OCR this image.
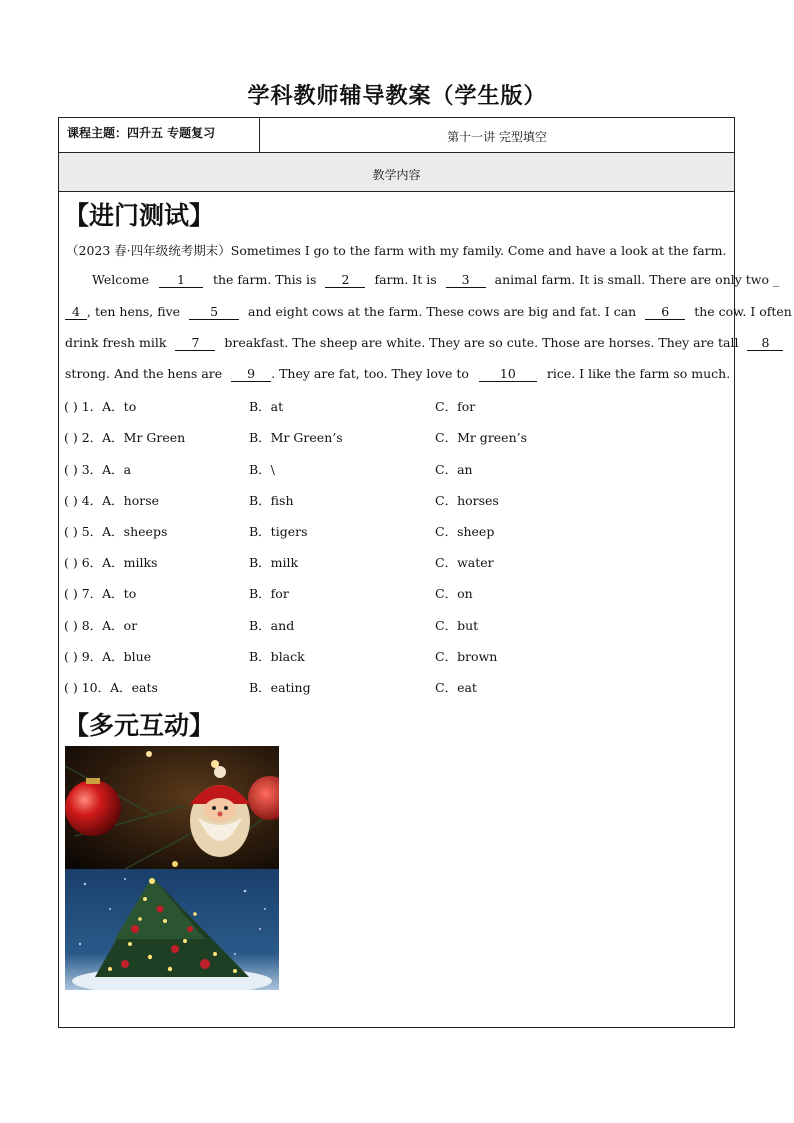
学科教师辅导教案（学生版）
课程主题：四升五 专题复习	第十一讲 完型填空
教学内容
【进门测试】
（2023 春·四年级统考期末）Sometimes I go to the farm with my family. Come and have a look at the farm.
Welcome 1 the farm. This is 2 farm. It is 3 animal farm. It is small. There are only two _
4 , ten hens, five 5 and eight cows at the farm. These cows are big and fat. I can 6 the cow. I often
drink fresh milk 7 breakfast. The sheep are white. They are so cute. Those are horses. They are tall 8
strong. And the hens are 9 . They are fat, too. They love to 10 rice. I like the farm so much.
( ) 1．A．to	B．at	C．for
( ) 2．A．Mr Green	B．Mr Green’s	C．Mr green’s
( ) 3．A．a	B．\	C．an
( ) 4．A．horse	B．fish	C．horses
( ) 5．A．sheeps	B．tigers	C．sheep
( ) 6．A．milks	B．milk	C．water
( ) 7．A．to	B．for	C．on
( ) 8．A．or	B．and	C．but
( ) 9．A．blue	B．black	C．brown
( ) 10．A．eats	B．eating	C．eat
【多元互动】
